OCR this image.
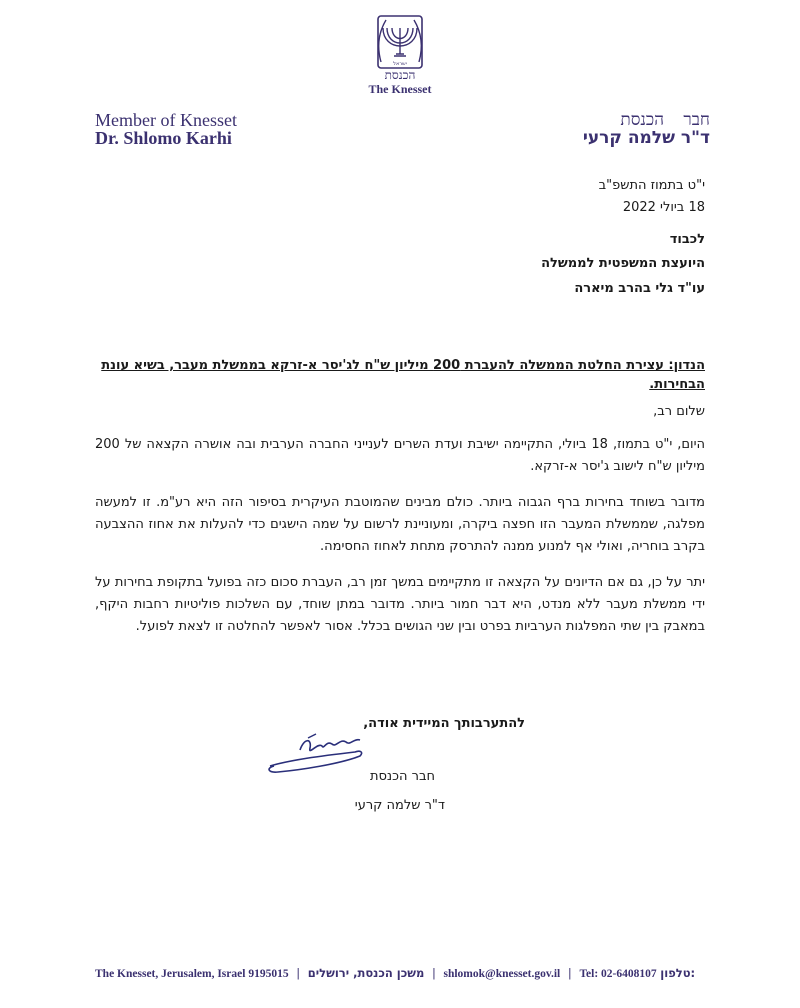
ישראל
הכנסת
The Knesset
Member of Knesset
Dr. Shlomo Karhi
חבר הכנסת
ד"ר שלמה קרעי
י"ט בתמוז התשפ"ב
18 ביולי 2022
לכבוד
היועצת המשפטית לממשלה
עו"ד גלי בהרב מיארה
הנדון: עצירת החלטת הממשלה להעברת 200 מיליון ש"ח לג'יסר א-זרקא בממשלת מעבר, בשיא עונת הבחירות.
שלום רב,
היום, י"ט בתמוז, 18 ביולי, התקיימה ישיבת ועדת השרים לענייני החברה הערבית ובה אושרה הקצאה של 200 מיליון ש"ח לישוב ג'יסר א-זרקא.
מדובר בשוחד בחירות ברף הגבוה ביותר. כולם מבינים שהמוטבת העיקרית בסיפור הזה היא רע"מ. זו למעשה מפלגה, שממשלת המעבר הזו חפצה ביקרה, ומעוניינת לרשום על שמה הישגים כדי להעלות את אחוז ההצבעה בקרב בוחריה, ואולי אף למנוע ממנה להתרסק מתחת לאחוז החסימה.
יתר על כן, גם אם הדיונים על הקצאה זו מתקיימים במשך זמן רב, העברת סכום כזה בפועל בתקופת בחירות על ידי ממשלת מעבר ללא מנדט, היא דבר חמור ביותר. מדובר במתן שוחד, עם השלכות פוליטיות רחבות היקף, במאבק בין שתי המפלגות הערביות בפרט ובין שני הגושים בכלל. אסור לאפשר להחלטה זו לצאת לפועל.
להתערבותך המיידית אודה,
חבר הכנסת
ד"ר שלמה קרעי
The Knesset, Jerusalem, Israel 9195015 | משכן הכנסת, ירושלים | shlomok@knesset.gov.il | Tel: 02-6408107 טלפון:
